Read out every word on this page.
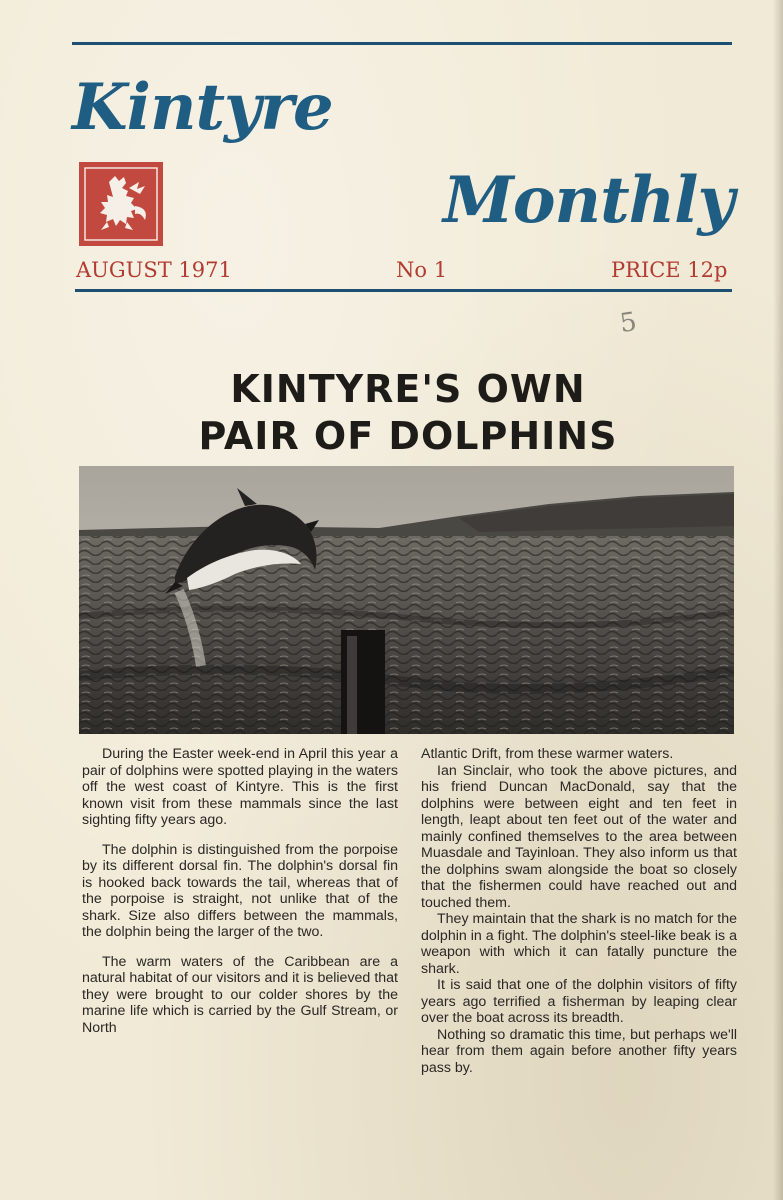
Kintyre
Monthly
AUGUST 1971	No 1	PRICE 12p
5
KINTYRE'S OWN
PAIR OF DOLPHINS

During the Easter week-end in April this year a pair of dolphins were spotted playing in the waters off the west coast of Kintyre. This is the first known visit from these mammals since the last sighting fifty years ago.

The dolphin is distinguished from the porpoise by its different dorsal fin. The dolphin's dorsal fin is hooked back towards the tail, whereas that of the porpoise is straight, not unlike that of the shark. Size also differs between the mammals, the dolphin being the larger of the two.

The warm waters of the Caribbean are a natural habitat of our visitors and it is believed that they were brought to our colder shores by the marine life which is carried by the Gulf Stream, or North

Atlantic Drift, from these warmer waters.

Ian Sinclair, who took the above pictures, and his friend Duncan MacDonald, say that the dolphins were between eight and ten feet in length, leapt about ten feet out of the water and mainly confined themselves to the area between Muasdale and Tayinloan. They also inform us that the dolphins swam alongside the boat so closely that the fishermen could have reached out and touched them.

They maintain that the shark is no match for the dolphin in a fight. The dolphin's steel-like beak is a weapon with which it can fatally puncture the shark.

It is said that one of the dolphin visitors of fifty years ago terrified a fisherman by leaping clear over the boat across its breadth.

Nothing so dramatic this time, but perhaps we'll hear from them again before another fifty years pass by.
